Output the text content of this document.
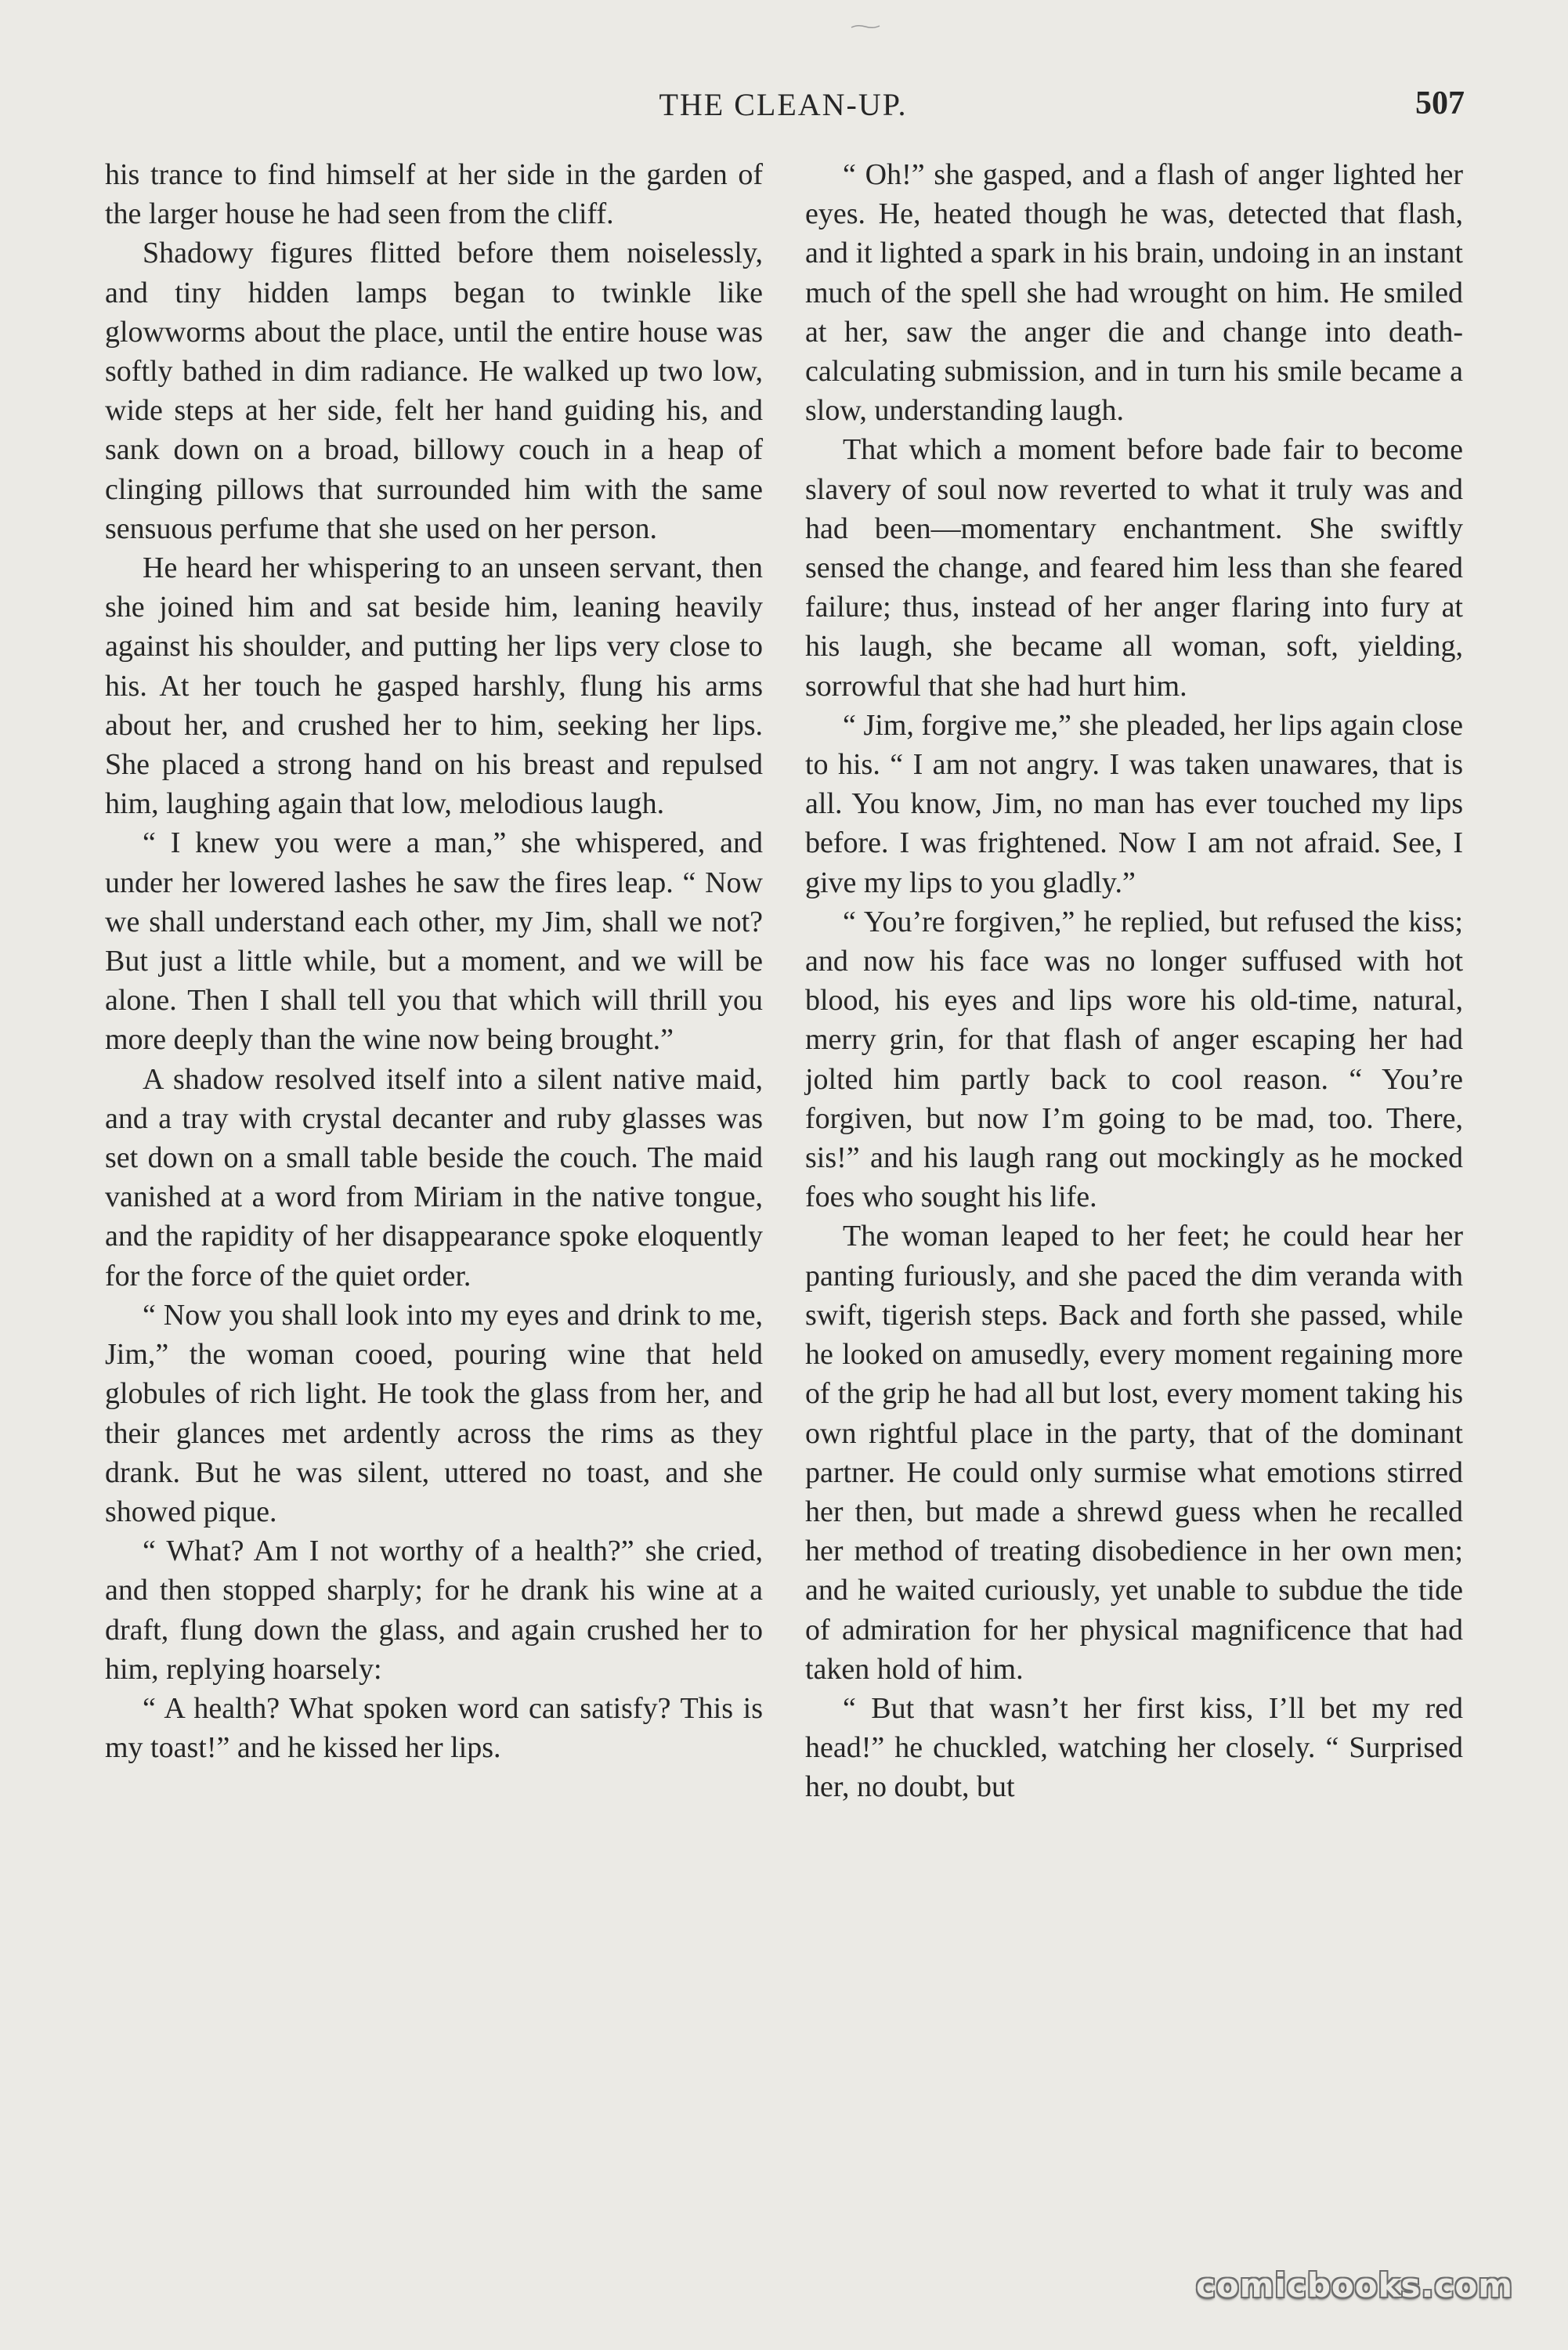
THE CLEAN-UP.	507

his trance to find himself at her side in the garden of the larger house he had seen from the cliff.

Shadowy figures flitted before them noiselessly, and tiny hidden lamps began to twinkle like glowworms about the place, until the entire house was softly bathed in dim radiance. He walked up two low, wide steps at her side, felt her hand guiding his, and sank down on a broad, billowy couch in a heap of clinging pillows that surrounded him with the same sensuous perfume that she used on her person.

He heard her whispering to an unseen servant, then she joined him and sat beside him, leaning heavily against his shoulder, and putting her lips very close to his. At her touch he gasped harshly, flung his arms about her, and crushed her to him, seeking her lips. She placed a strong hand on his breast and repulsed him, laughing again that low, melodious laugh.

“ I knew you were a man,” she whispered, and under her lowered lashes he saw the fires leap. “ Now we shall understand each other, my Jim, shall we not? But just a little while, but a moment, and we will be alone. Then I shall tell you that which will thrill you more deeply than the wine now being brought.”

A shadow resolved itself into a silent native maid, and a tray with crystal decanter and ruby glasses was set down on a small table beside the couch. The maid vanished at a word from Miriam in the native tongue, and the rapidity of her disappearance spoke eloquently for the force of the quiet order.

“ Now you shall look into my eyes and drink to me, Jim,” the woman cooed, pouring wine that held globules of rich light. He took the glass from her, and their glances met ardently across the rims as they drank. But he was silent, uttered no toast, and she showed pique.

“ What? Am I not worthy of a health?” she cried, and then stopped sharply; for he drank his wine at a draft, flung down the glass, and again crushed her to him, replying hoarsely:

“ A health? What spoken word can satisfy? This is my toast!” and he kissed her lips.

“ Oh!” she gasped, and a flash of anger lighted her eyes. He, heated though he was, detected that flash, and it lighted a spark in his brain, undoing in an instant much of the spell she had wrought on him. He smiled at her, saw the anger die and change into death-calculating submission, and in turn his smile became a slow, understanding laugh.

That which a moment before bade fair to become slavery of soul now reverted to what it truly was and had been—momentary enchantment. She swiftly sensed the change, and feared him less than she feared failure; thus, instead of her anger flaring into fury at his laugh, she became all woman, soft, yielding, sorrowful that she had hurt him.

“ Jim, forgive me,” she pleaded, her lips again close to his. “ I am not angry. I was taken unawares, that is all. You know, Jim, no man has ever touched my lips before. I was frightened. Now I am not afraid. See, I give my lips to you gladly.”

“ You’re forgiven,” he replied, but refused the kiss; and now his face was no longer suffused with hot blood, his eyes and lips wore his old-time, natural, merry grin, for that flash of anger escaping her had jolted him partly back to cool reason. “ You’re forgiven, but now I’m going to be mad, too. There, sis!” and his laugh rang out mockingly as he mocked foes who sought his life.

The woman leaped to her feet; he could hear her panting furiously, and she paced the dim veranda with swift, tigerish steps. Back and forth she passed, while he looked on amusedly, every moment regaining more of the grip he had all but lost, every moment taking his own rightful place in the party, that of the dominant partner. He could only surmise what emotions stirred her then, but made a shrewd guess when he recalled her method of treating disobedience in her own men; and he waited curiously, yet unable to subdue the tide of admiration for her physical magnificence that had taken hold of him.

“ But that wasn’t her first kiss, I’ll bet my red head!” he chuckled, watching her closely. “ Surprised her, no doubt, but

comicbooks.com
